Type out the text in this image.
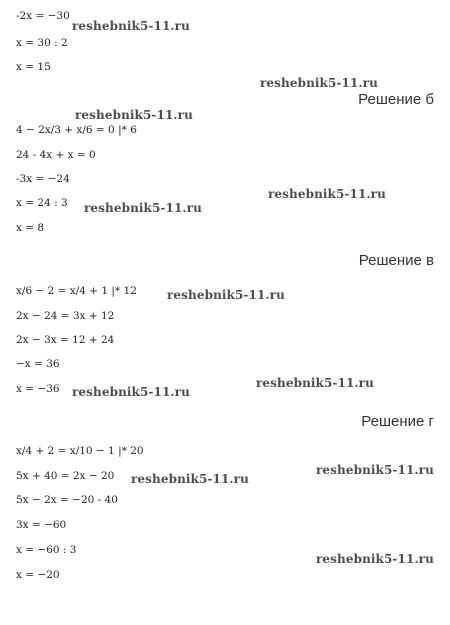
-2x = −30
x = 30 : 2
x = 15
Решение б
4 − 2x/3 + x/6 = 0 |* 6
24 - 4x + x = 0
-3x = −24
x = 24 : 3
x = 8
Решение в
x/6 − 2 = x/4 + 1 |* 12
2x − 24 = 3x + 12
2x − 3x = 12 + 24
−x = 36
x = −36
Решение г
x/4 + 2 = x/10 − 1 |* 20
5x + 40 = 2x − 20
5x − 2x = −20 - 40
3x = −60
x = −60 : 3
x = −20
reshebnik5-11.ru
reshebnik5-11.ru
reshebnik5-11.ru
reshebnik5-11.ru
reshebnik5-11.ru
reshebnik5-11.ru
reshebnik5-11.ru
reshebnik5-11.ru
reshebnik5-11.ru
reshebnik5-11.ru
reshebnik5-11.ru
